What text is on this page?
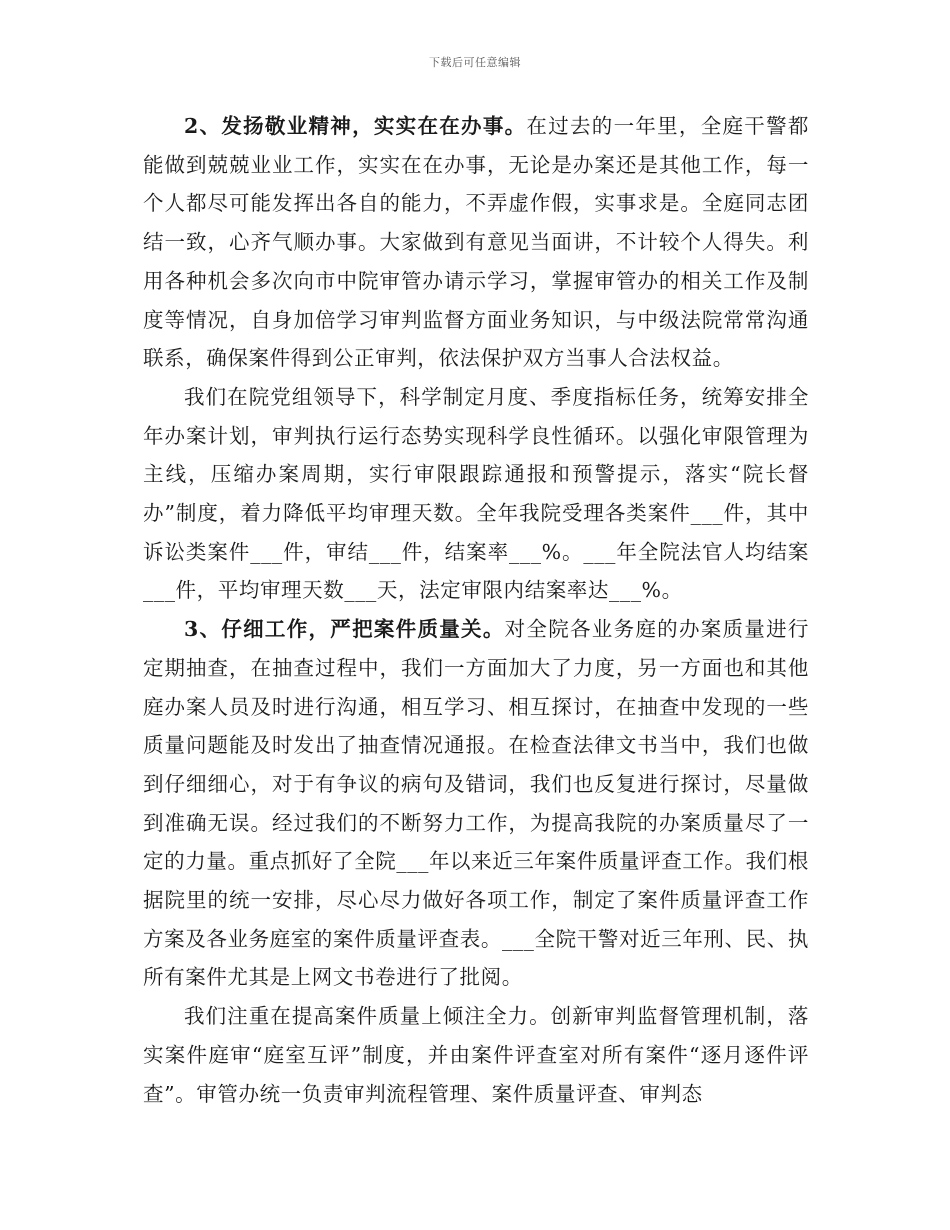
下载后可任意编辑

2、发扬敬业精神，实实在在办事。在过去的一年里，全庭干警都能做到兢兢业业工作，实实在在办事，无论是办案还是其他工作，每一个人都尽可能发挥出各自的能力，不弄虚作假，实事求是。全庭同志团结一致，心齐气顺办事。大家做到有意见当面讲，不计较个人得失。利用各种机会多次向市中院审管办请示学习，掌握审管办的相关工作及制度等情况，自身加倍学习审判监督方面业务知识，与中级法院常常沟通联系，确保案件得到公正审判，依法保护双方当事人合法权益。

我们在院党组领导下，科学制定月度、季度指标任务，统筹安排全年办案计划，审判执行运行态势实现科学良性循环。以强化审限管理为主线，压缩办案周期，实行审限跟踪通报和预警提示，落实“院长督办”制度，着力降低平均审理天数。全年我院受理各类案件___件，其中诉讼类案件___件，审结___件，结案率___%。___年全院法官人均结案___件，平均审理天数___天，法定审限内结案率达___%。

3、仔细工作，严把案件质量关。对全院各业务庭的办案质量进行定期抽查，在抽查过程中，我们一方面加大了力度，另一方面也和其他庭办案人员及时进行沟通，相互学习、相互探讨，在抽查中发现的一些质量问题能及时发出了抽查情况通报。在检查法律文书当中，我们也做到仔细细心，对于有争议的病句及错词，我们也反复进行探讨，尽量做到准确无误。经过我们的不断努力工作，为提高我院的办案质量尽了一定的力量。重点抓好了全院___年以来近三年案件质量评查工作。我们根据院里的统一安排，尽心尽力做好各项工作，制定了案件质量评查工作方案及各业务庭室的案件质量评查表。___全院干警对近三年刑、民、执所有案件尤其是上网文书卷进行了批阅。

我们注重在提高案件质量上倾注全力。创新审判监督管理机制，落实案件庭审“庭室互评”制度，并由案件评查室对所有案件“逐月逐件评查”。审管办统一负责审判流程管理、案件质量评查、审判态
